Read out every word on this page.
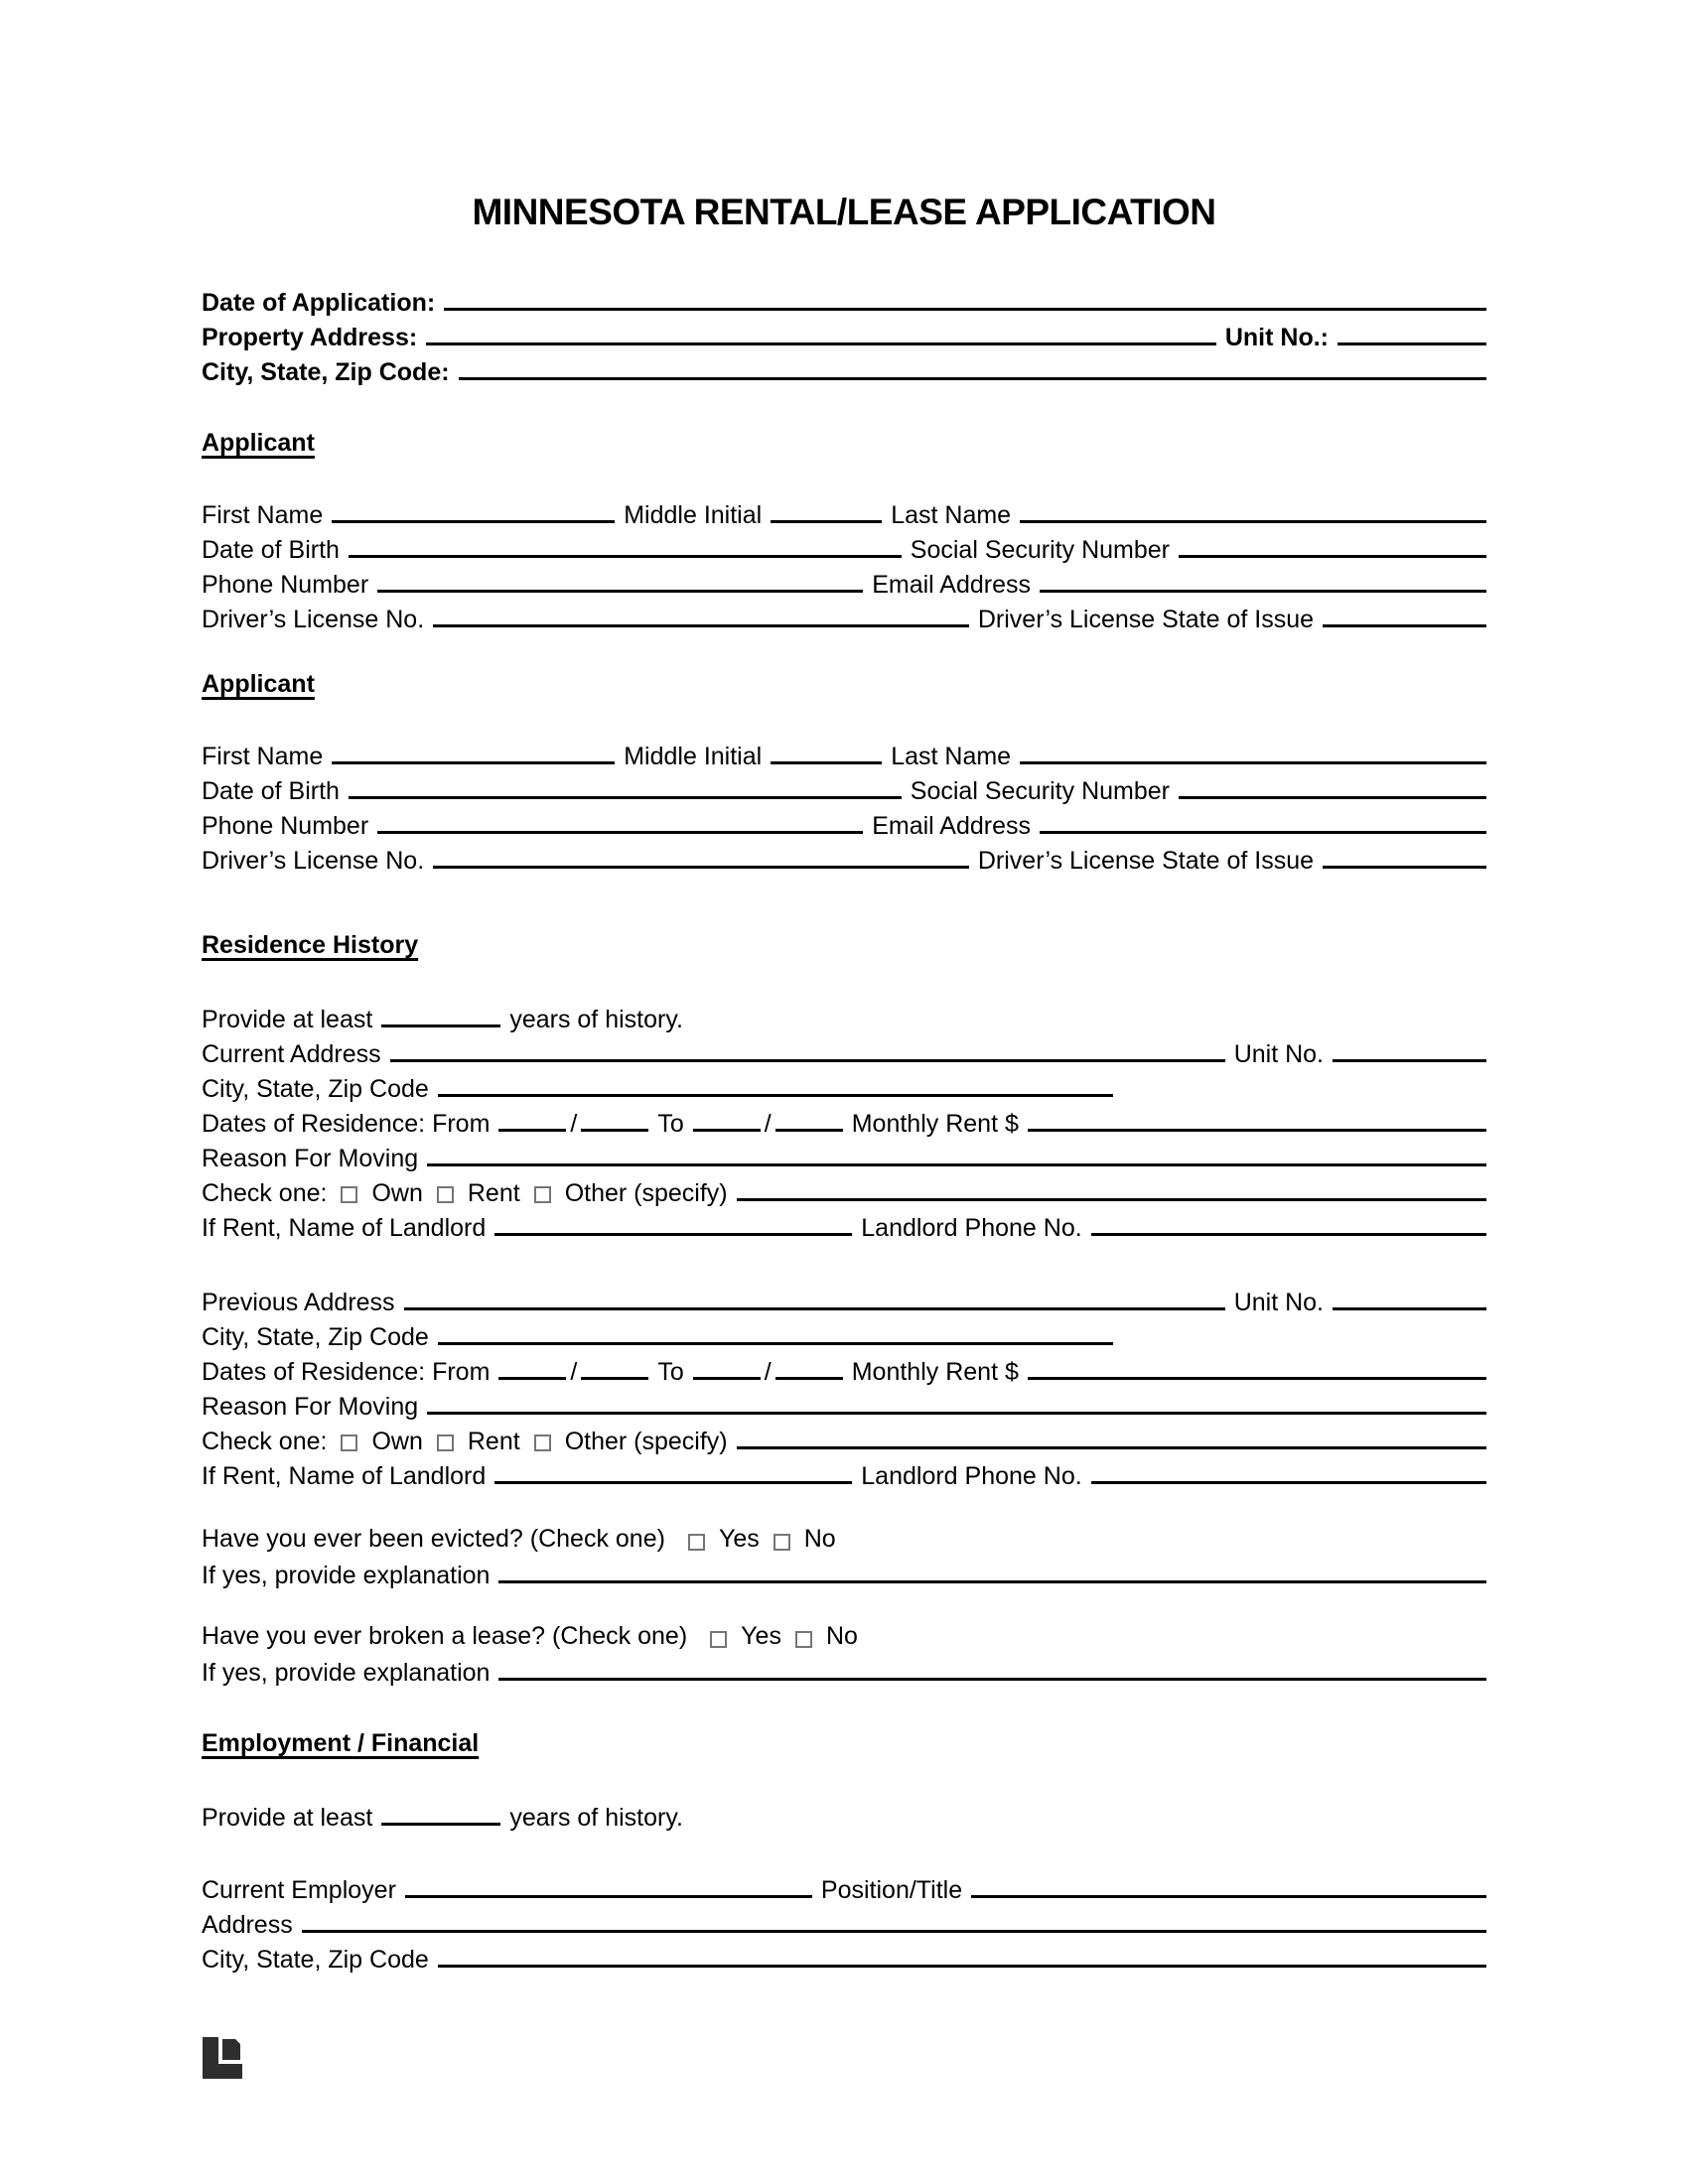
MINNESOTA RENTAL/LEASE APPLICATION
Date of Application:
Property Address:	Unit No.:
City, State, Zip Code:
Applicant
First Name	Middle Initial	Last Name
Date of Birth	Social Security Number
Phone Number	Email Address
Driver’s License No.	Driver’s License State of Issue
Applicant
First Name	Middle Initial	Last Name
Date of Birth	Social Security Number
Phone Number	Email Address
Driver’s License No.	Driver’s License State of Issue
Residence History
Provide at least	years of history.
Current Address	Unit No.
City, State, Zip Code
Dates of Residence: From	/	To	/	Monthly Rent $
Reason For Moving
Check one: Own Rent Other (specify)
If Rent, Name of Landlord	Landlord Phone No.
Previous Address	Unit No.
City, State, Zip Code
Dates of Residence: From	/	To	/	Monthly Rent $
Reason For Moving
Check one: Own Rent Other (specify)
If Rent, Name of Landlord	Landlord Phone No.
Have you ever been evicted? (Check one) Yes No
If yes, provide explanation
Have you ever broken a lease? (Check one) Yes No
If yes, provide explanation
Employment / Financial
Provide at least	years of history.
Current Employer	Position/Title
Address
City, State, Zip Code
